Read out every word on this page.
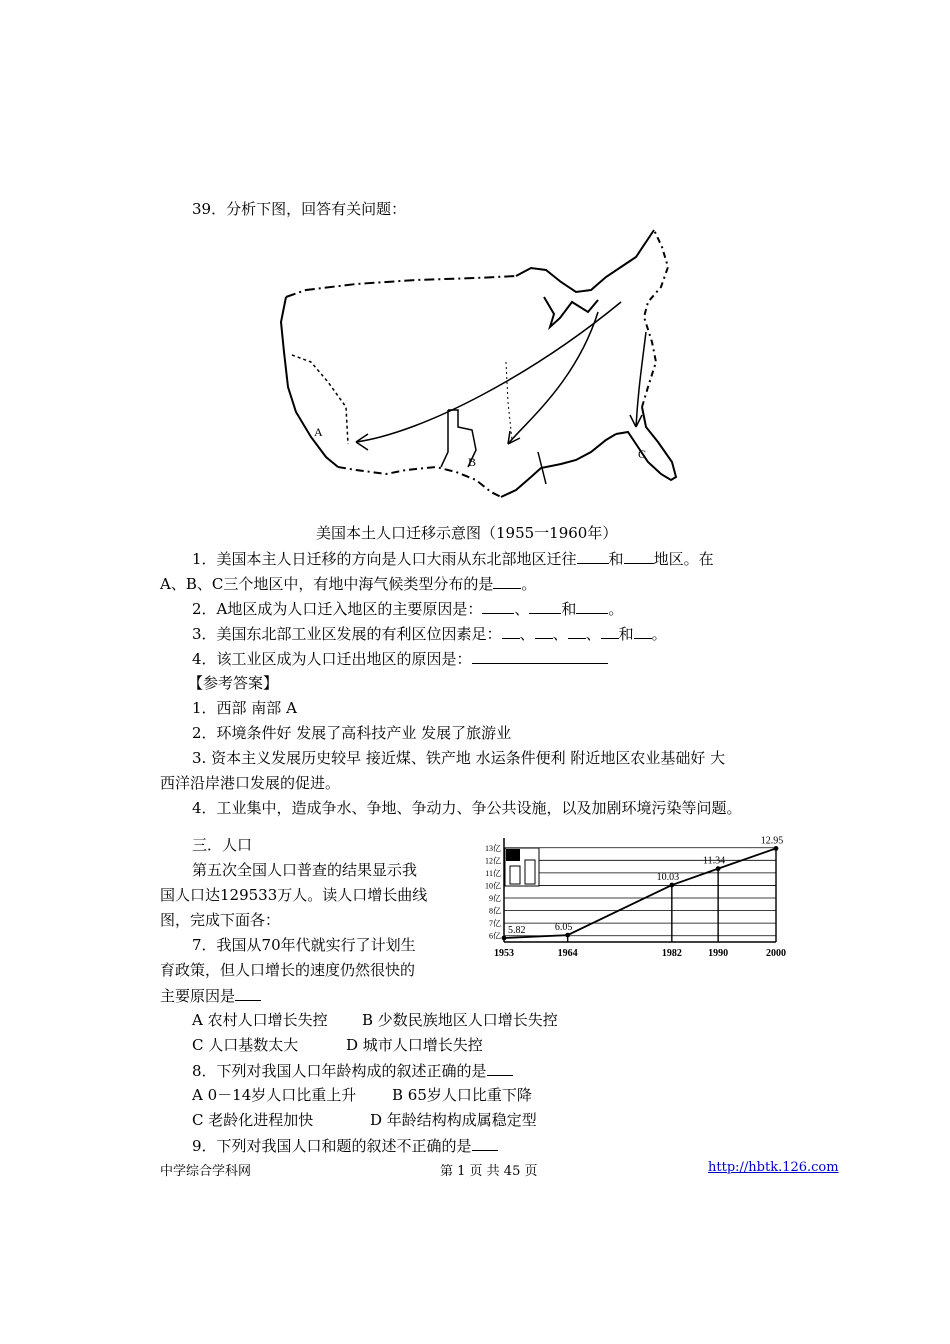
39．分析下图，回答有关问题：
A
B
C
美国本土人口迁移示意图（1955一1960年）
1．美国本主人日迁移的方向是人口大雨从东北部地区迁往 和 地区。在
A、B、C三个地区中，有地中海气候类型分布的是 。
2．A地区成为人口迁入地区的主要原因是： 、 和 。
3．美国东北部工业区发展的有利区位因素足： 、 、 、 和 。
4．该工业区成为人口迁出地区的原因是：
【参考答案】
1．西部 南部 A
2．环境条件好 发展了高科技产业 发展了旅游业
3. 资本主义发展历史较早 接近煤、铁产地 水运条件便利 附近地区农业基础好 大
西洋沿岸港口发展的促进。
4．工业集中，造成争水、争地、争动力、争公共设施，以及加剧环境污染等问题。
三．人口
第五次全国人口普查的结果显示我
国人口达129533万人。读人口增长曲线
图，完成下面各：
7．我国从70年代就实行了计划生
育政策，但人口增长的速度仍然很快的
主要原因是
A 农村人口增长失控 B 少数民族地区人口增长失控
C 人口基数太大	D 城市人口增长失控
8．下列对我国人口年龄构成的叙述正确的是
A 0－14岁人口比重上升 B 65岁人口比重下降
C 老龄化进程加快	D 年龄结构构成属稳定型
9．下列对我国人口和题的叙述不正确的是
6亿
7亿
8亿
9亿
10亿
11亿
12亿
13亿
1953	1964	1982	1990	2000
5.82	6.05
10.03
11.34
12.95
中学综合学科网	第 1 页 共 45 页	http://hbtk.126.com
